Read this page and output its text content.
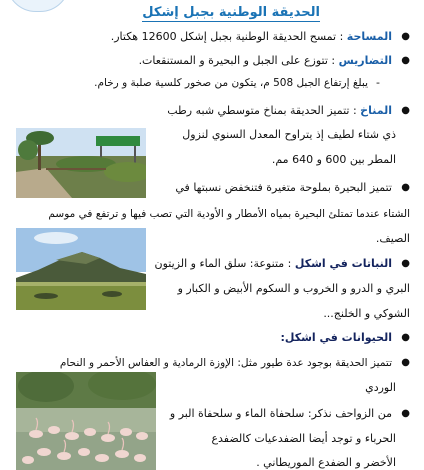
الحديقة الوطنية بجبل إشكل
●
المساحة : تمسح الحديقة الوطنية بجبل إشكل 12600 هكتار.
●
التضاريس : تتوزع على الجبل و البحيرة و المستنقعات.
-
يبلغ إرتفاع الجبل 508 م، يتكون من صخور كلسية صلبة و رخام.
●
المناخ : تتميز الحديقة بمناخ متوسطي شبه رطب
ذي شتاء لطيف إذ يتراوح المعدل السنوي لنزول
المطر بين 600 و 640 مم.
●
تتميز البحيرة بملوحة متغيرة فتنخفض نسبتها في
الشتاء عندما تمتلئ البحيرة بمياه الأمطار و الأودية التي تصب فيها و ترتفع في موسم
الصيف.
●
النباتات في اشكل : متنوعة: سلق الماء و الزيتون
البري و الدرو و الخروب و السكوم الأبيض و الكبار و
الشوكي و الخلنج...
●
الحيوانات في اشكل:
●
تتميز الحديقة بوجود عدة طيور مثل: الإوزة الرمادية و العفاس الأحمر و النحام
الوردي
●
من الزواحف نذكر: سلحفاة الماء و سلحفاة البر و
الحرباء و توجد أيضا الضفدعيات كالضفدع
الأخضر و الضفدع الموريطاني .
